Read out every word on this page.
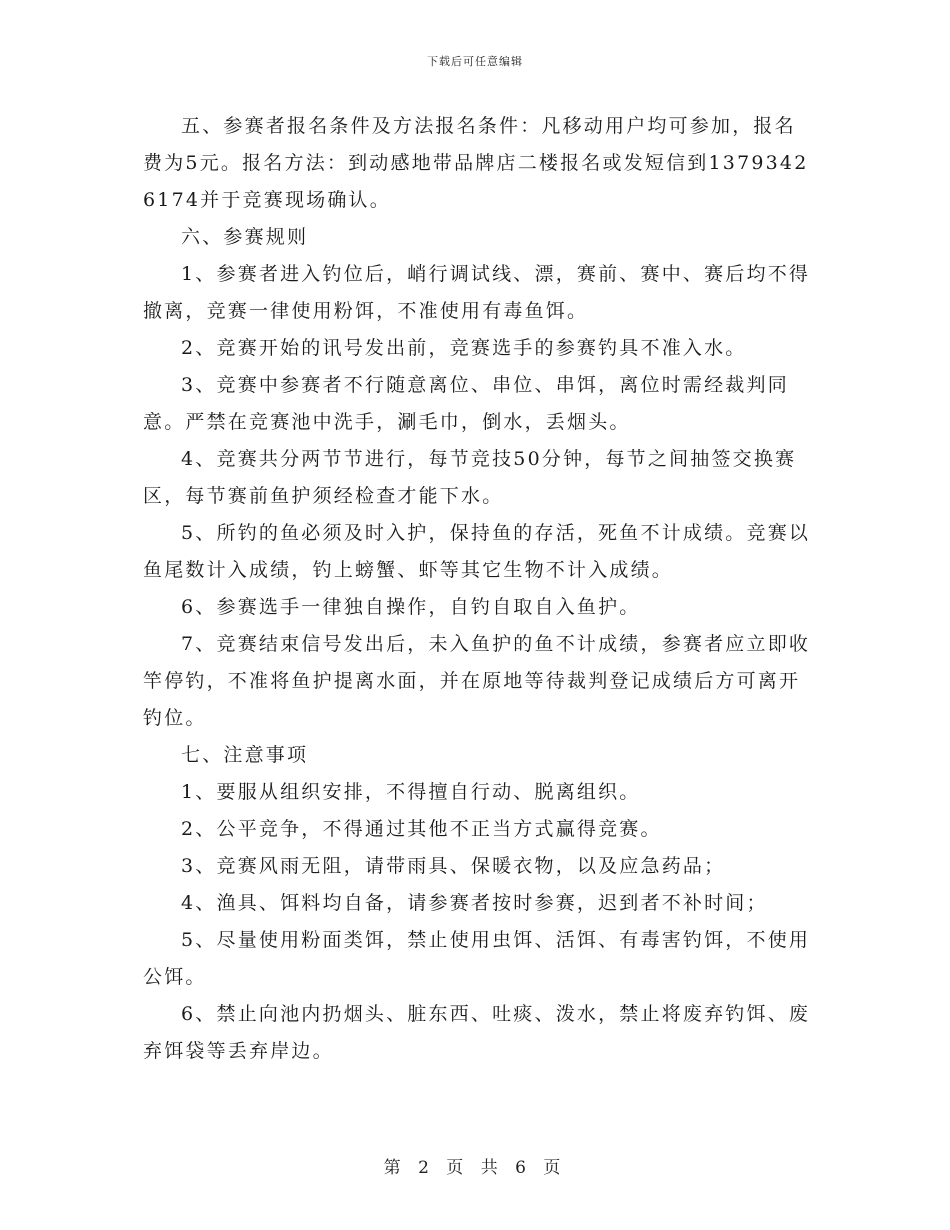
下载后可任意编辑

五、参赛者报名条件及方法报名条件：凡移动用户均可参加，报名费为5元。报名方法：到动感地带品牌店二楼报名或发短信到13793426174并于竞赛现场确认。

六、参赛规则

1、参赛者进入钓位后，峭行调试线、漂，赛前、赛中、赛后均不得撤离，竞赛一律使用粉饵，不准使用有毒鱼饵。

2、竞赛开始的讯号发出前，竞赛选手的参赛钓具不准入水。

3、竞赛中参赛者不行随意离位、串位、串饵，离位时需经裁判同意。严禁在竞赛池中洗手，涮毛巾，倒水，丢烟头。

4、竞赛共分两节节进行，每节竞技50分钟，每节之间抽签交换赛区，每节赛前鱼护须经检查才能下水。

5、所钓的鱼必须及时入护，保持鱼的存活，死鱼不计成绩。竞赛以鱼尾数计入成绩，钓上螃蟹、虾等其它生物不计入成绩。

6、参赛选手一律独自操作，自钓自取自入鱼护。

7、竞赛结束信号发出后，未入鱼护的鱼不计成绩，参赛者应立即收竿停钓，不准将鱼护提离水面，并在原地等待裁判登记成绩后方可离开钓位。

七、注意事项

1、要服从组织安排，不得擅自行动、脱离组织。

2、公平竞争，不得通过其他不正当方式赢得竞赛。

3、竞赛风雨无阻，请带雨具、保暖衣物，以及应急药品；

4、渔具、饵料均自备，请参赛者按时参赛，迟到者不补时间；

5、尽量使用粉面类饵，禁止使用虫饵、活饵、有毒害钓饵，不使用公饵。

6、禁止向池内扔烟头、脏东西、吐痰、泼水，禁止将废弃钓饵、废弃饵袋等丢弃岸边。

第 2 页 共 6 页
